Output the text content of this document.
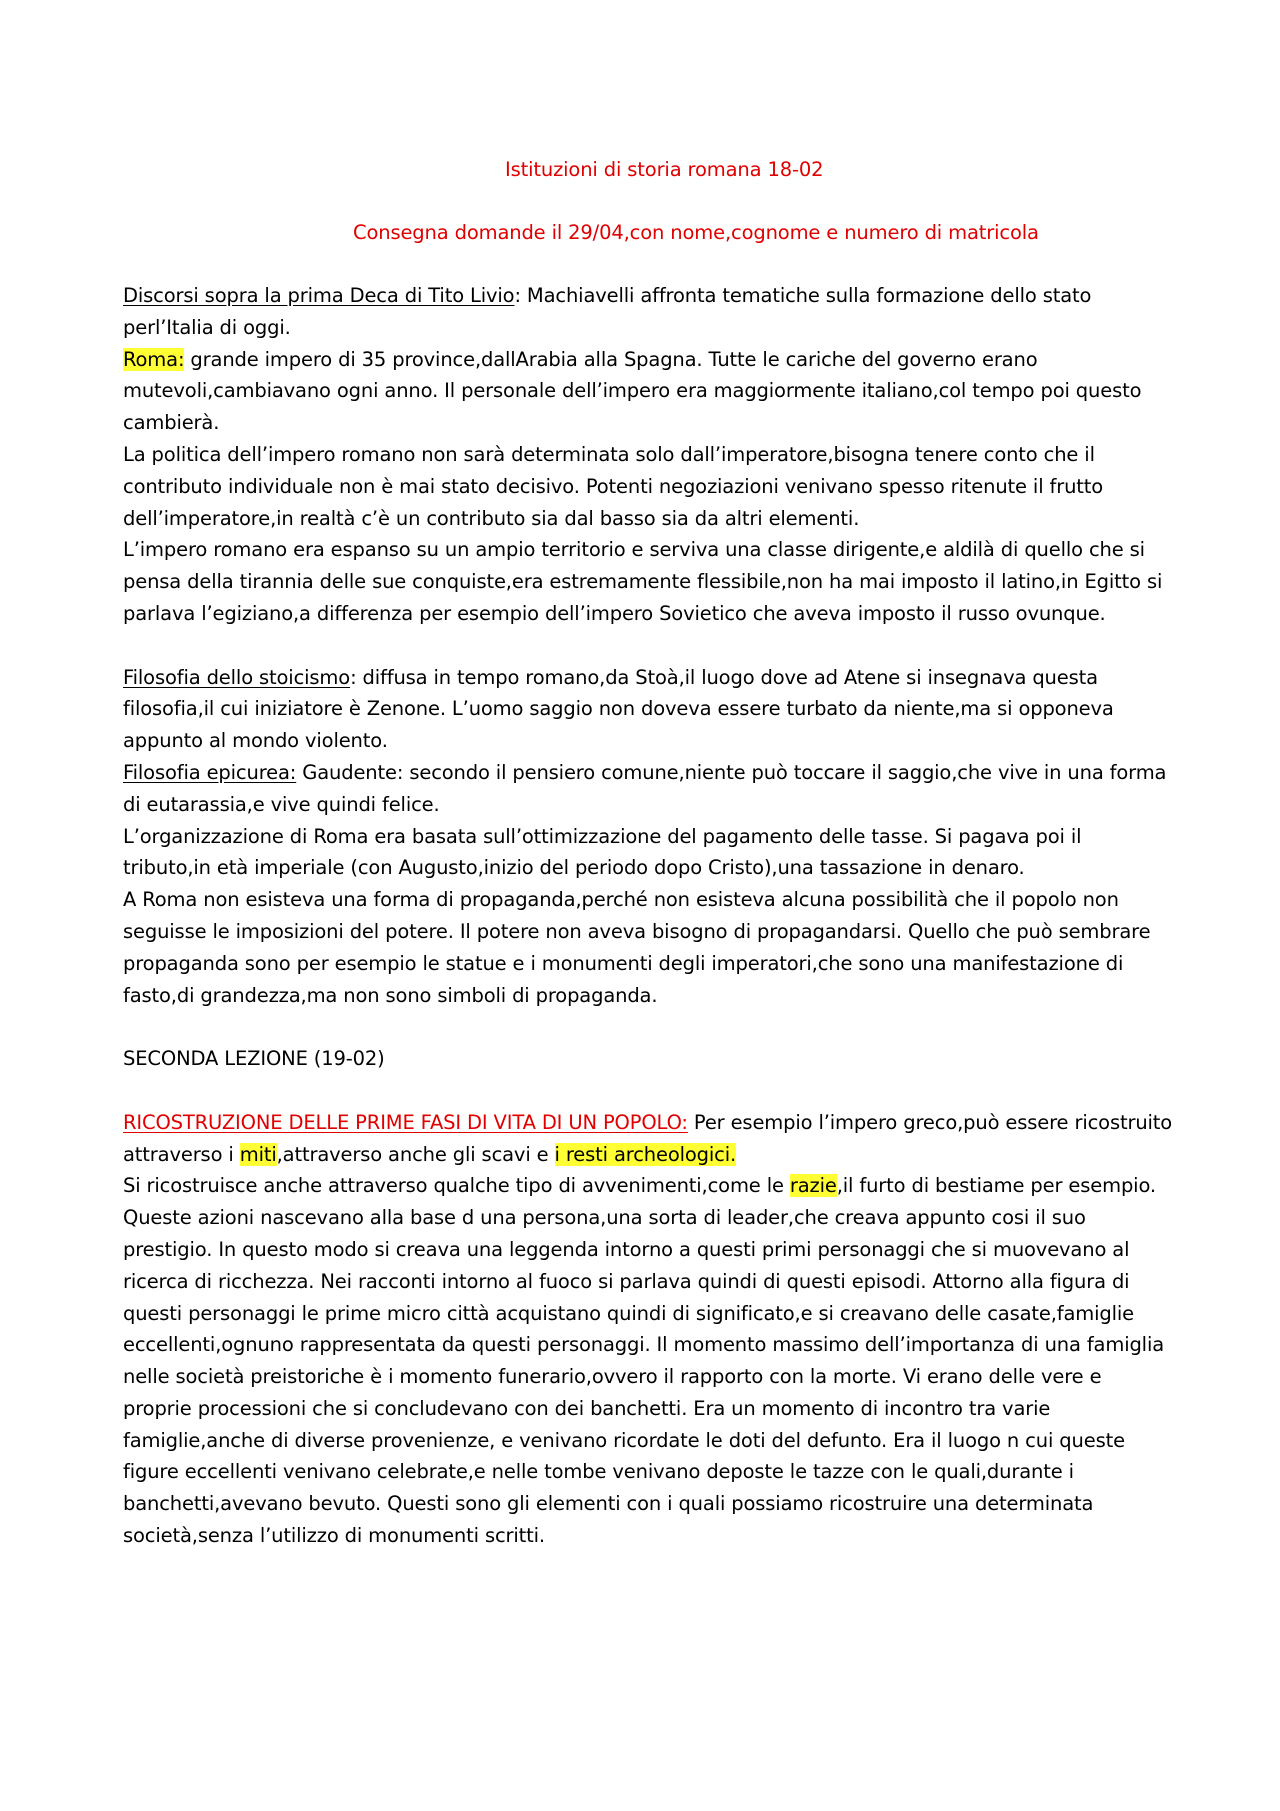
Istituzioni di storia romana 18-02

Consegna domande il 29/04,con nome,cognome e numero di matricola

Discorsi sopra la prima Deca di Tito Livio: Machiavelli affronta tematiche sulla formazione dello stato perl’Italia di oggi.

Roma: grande impero di 35 province,dallArabia alla Spagna. Tutte le cariche del governo erano mutevoli,cambiavano ogni anno. Il personale dell’impero era maggiormente italiano,col tempo poi questo cambierà.

La politica dell’impero romano non sarà determinata solo dall’imperatore,bisogna tenere conto che il contributo individuale non è mai stato decisivo. Potenti negoziazioni venivano spesso ritenute il frutto dell’imperatore,in realtà c’è un contributo sia dal basso sia da altri elementi.

L’impero romano era espanso su un ampio territorio e serviva una classe dirigente,e aldilà di quello che si pensa della tirannia delle sue conquiste,era estremamente flessibile,non ha mai imposto il latino,in Egitto si parlava l’egiziano,a differenza per esempio dell’impero Sovietico che aveva imposto il russo ovunque.

Filosofia dello stoicismo: diffusa in tempo romano,da Stoà,il luogo dove ad Atene si insegnava questa filosofia,il cui iniziatore è Zenone. L’uomo saggio non doveva essere turbato da niente,ma si opponeva appunto al mondo violento.

Filosofia epicurea: Gaudente: secondo il pensiero comune,niente può toccare il saggio,che vive in una forma di eutarassia,e vive quindi felice.

L’organizzazione di Roma era basata sull’ottimizzazione del pagamento delle tasse. Si pagava poi il tributo,in età imperiale (con Augusto,inizio del periodo dopo Cristo),una tassazione in denaro.

A Roma non esisteva una forma di propaganda,perché non esisteva alcuna possibilità che il popolo non seguisse le imposizioni del potere. Il potere non aveva bisogno di propagandarsi. Quello che può sembrare propaganda sono per esempio le statue e i monumenti degli imperatori,che sono una manifestazione di fasto,di grandezza,ma non sono simboli di propaganda.

SECONDA LEZIONE (19-02)

RICOSTRUZIONE DELLE PRIME FASI DI VITA DI UN POPOLO: Per esempio l’impero greco,può essere ricostruito attraverso i miti,attraverso anche gli scavi e i resti archeologici.

Si ricostruisce anche attraverso qualche tipo di avvenimenti,come le razie,il furto di bestiame per esempio. Queste azioni nascevano alla base d una persona,una sorta di leader,che creava appunto cosi il suo prestigio. In questo modo si creava una leggenda intorno a questi primi personaggi che si muovevano al ricerca di ricchezza. Nei racconti intorno al fuoco si parlava quindi di questi episodi. Attorno alla figura di questi personaggi le prime micro città acquistano quindi di significato,e si creavano delle casate,famiglie eccellenti,ognuno rappresentata da questi personaggi. Il momento massimo dell’importanza di una famiglia nelle società preistoriche è i momento funerario,ovvero il rapporto con la morte. Vi erano delle vere e proprie processioni che si concludevano con dei banchetti. Era un momento di incontro tra varie famiglie,anche di diverse provenienze, e venivano ricordate le doti del defunto. Era il luogo n cui queste figure eccellenti venivano celebrate,e nelle tombe venivano deposte le tazze con le quali,durante i banchetti,avevano bevuto. Questi sono gli elementi con i quali possiamo ricostruire una determinata società,senza l’utilizzo di monumenti scritti.
